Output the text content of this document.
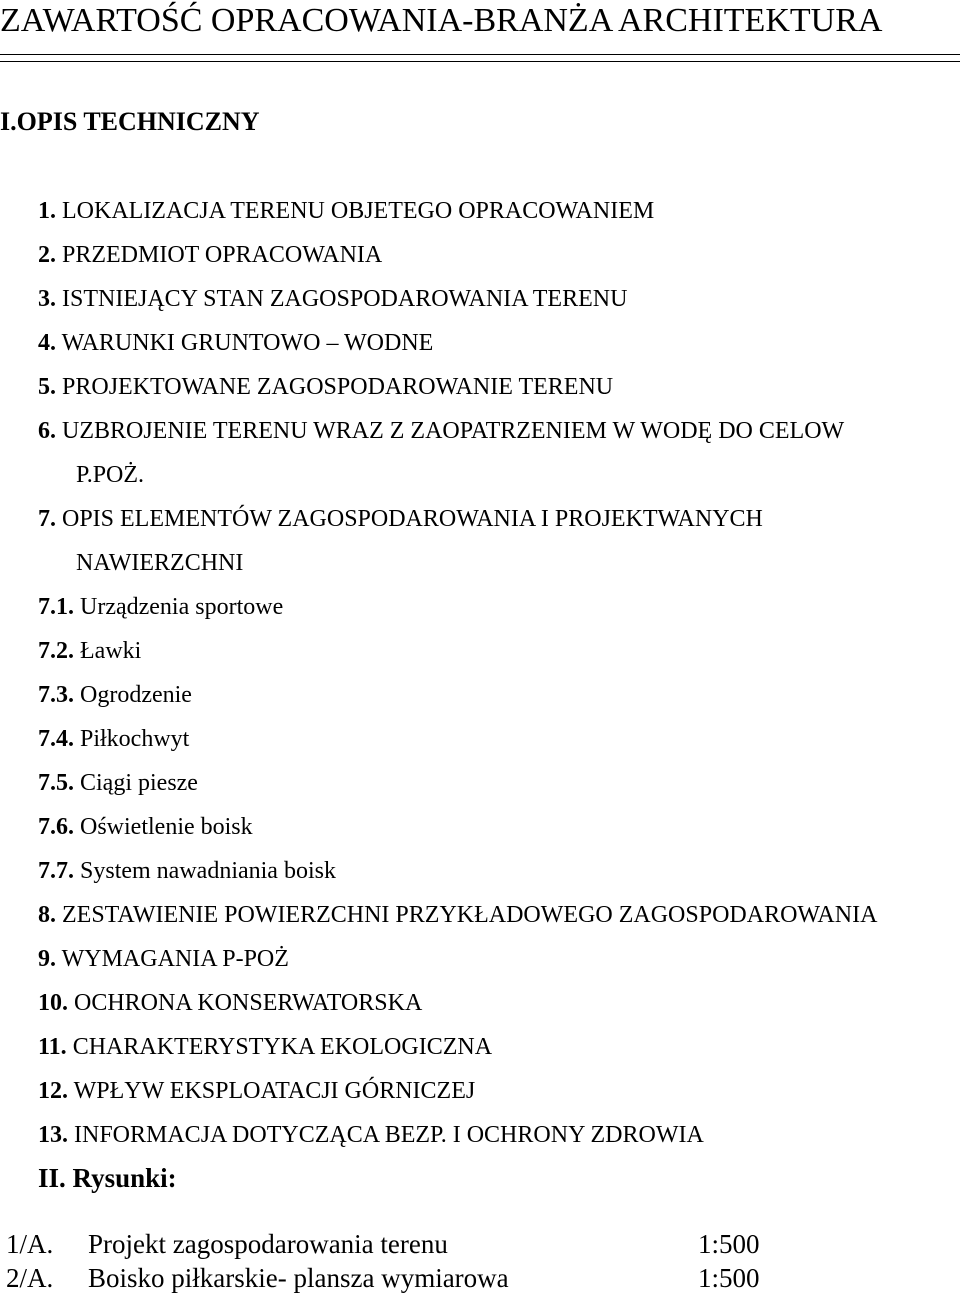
ZAWARTOŚĆ OPRACOWANIA-BRANŻA ARCHITEKTURA
I.OPIS TECHNICZNY
1. LOKALIZACJA TERENU OBJETEGO OPRACOWANIEM
2. PRZEDMIOT OPRACOWANIA
3. ISTNIEJĄCY STAN ZAGOSPODAROWANIA TERENU
4. WARUNKI GRUNTOWO – WODNE
5. PROJEKTOWANE ZAGOSPODAROWANIE TERENU
6. UZBROJENIE TERENU WRAZ Z ZAOPATRZENIEM W WODĘ DO CELOW
P.POŻ.
7. OPIS ELEMENTÓW ZAGOSPODAROWANIA I PROJEKTWANYCH
NAWIERZCHNI
7.1. Urządzenia sportowe
7.2. Ławki
7.3. Ogrodzenie
7.4. Piłkochwyt
7.5. Ciągi piesze
7.6. Oświetlenie boisk
7.7. System nawadniania boisk
8. ZESTAWIENIE POWIERZCHNI PRZYKŁADOWEGO ZAGOSPODAROWANIA
9. WYMAGANIA P-POŻ
10. OCHRONA KONSERWATORSKA
11. CHARAKTERYSTYKA EKOLOGICZNA
12. WPŁYW EKSPLOATACJI GÓRNICZEJ
13. INFORMACJA DOTYCZĄCA BEZP. I OCHRONY ZDROWIA
II. Rysunki:
1/A. Projekt zagospodarowania terenu	1:500
2/A. Boisko piłkarskie- plansza wymiarowa	1:500
